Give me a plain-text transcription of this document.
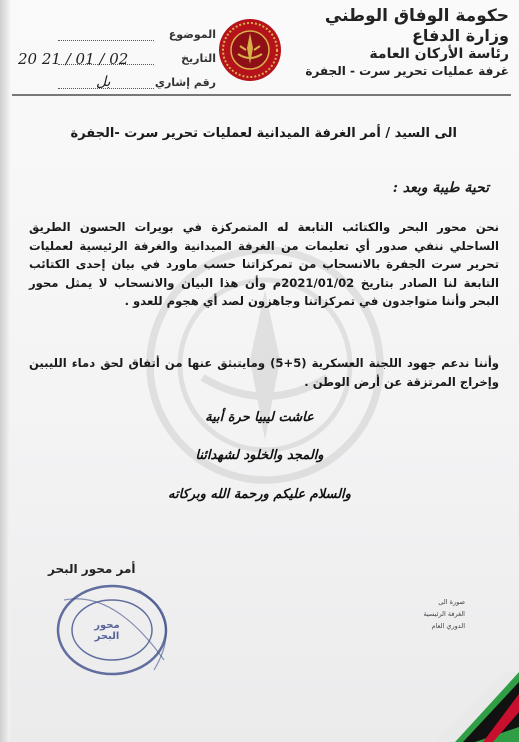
حكومة الوفاق الوطني
وزارة الدفاع
رئاسة الأركان العامة
غرفة عمليات تحرير سرت - الجفرة
الموضوع
التاريخ
20 21 / 01 / 02
رقم إشاري
بل
الى السيد / أمر الغرفة الميدانية لعمليات تحرير سرت -الجفرة
تحية طيبة وبعد :
نحن محور البحر والكتائب التابعة له المتمركزة في بويرات الحسون الطريق الساحلي ننفي صدور أي تعليمات من الغرفة الميدانية والغرفة الرئيسية لعمليات تحرير سرت الجفرة بالانسحاب من تمركزاتنا حسب ماورد في بيان إحدى الكتائب التابعة لنا الصادر بتاريخ 2021/01/02م وأن هذا البيان والانسحاب لا يمثل محور البحر وأننا متواجدون في تمركزاتنا وجاهزون لصد أي هجوم للعدو .
وأننا ندعم جهود اللجنة العسكرية (5+5) ومايتبثق عنها من أتفاق لحق دماء الليبين وإخراج المرتزقة عن أرض الوطن .
عاشت ليبيا حرة أبية
والمجد والخلود لشهدائنا
والسلام عليكم ورحمة الله وبركاته
أمر محور البحر
محور البحر
صورة الى
الغرفة الرئيسية
الدوري العام
